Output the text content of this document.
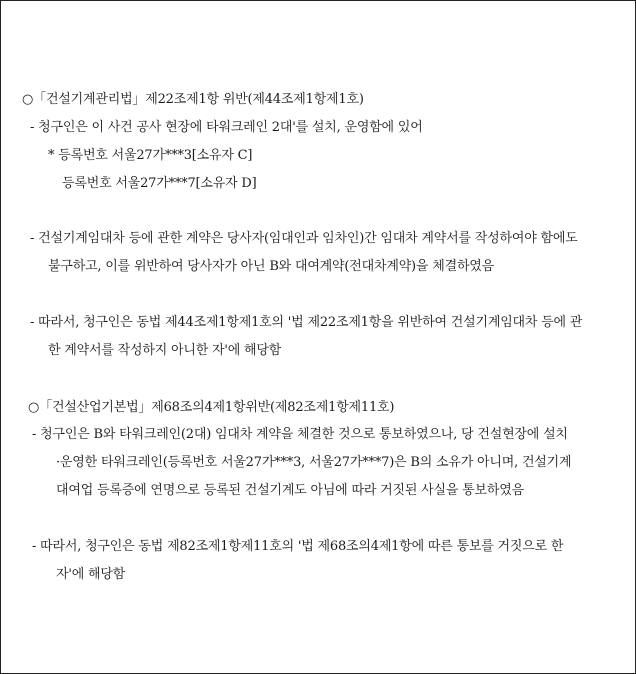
○「건설기계관리법」제22조제1항 위반(제44조제1항제1호)
- 청구인은 이 사건 공사 현장에 타워크레인 2대'를 설치, 운영함에 있어
* 등록번호 서울27가***3[소유자 C]
등록번호 서울27가***7[소유자 D]
- 건설기계임대차 등에 관한 계약은 당사자(임대인과 임차인)간 임대차 계약서를 작성하여야 함에도
불구하고, 이를 위반하여 당사자가 아닌 B와 대여계약(전대차계약)을 체결하였음
- 따라서, 청구인은 동법 제44조제1항제1호의 '법 제22조제1항을 위반하여 건설기계임대차 등에 관
한 계약서를 작성하지 아니한 자'에 해당함
○「건설산업기본법」제68조의4제1항위반(제82조제1항제11호)
- 청구인은 B와 타워크레인(2대) 임대차 계약을 체결한 것으로 통보하였으나, 당 건설현장에 설치
·운영한 타워크레인(등록번호 서울27가***3, 서울27가***7)은 B의 소유가 아니며, 건설기계
대여업 등록증에 연명으로 등록된 건설기계도 아님에 따라 거짓된 사실을 통보하였음
- 따라서, 청구인은 동법 제82조제1항제11호의 '법 제68조의4제1항에 따른 통보를 거짓으로 한
자'에 해당함
